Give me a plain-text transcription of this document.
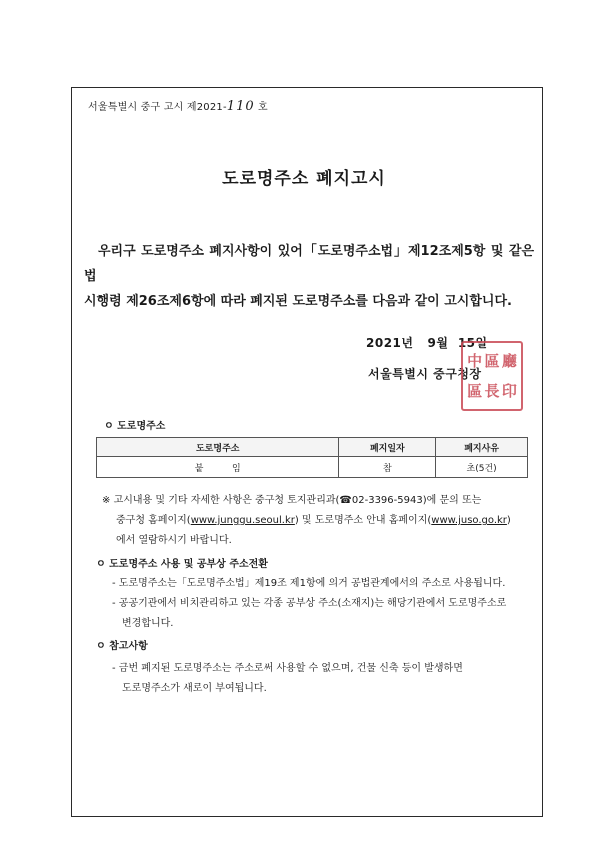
서울특별시 중구 고시 제2021-110 호
도로명주소 폐지고시
우리구 도로명주소 폐지사항이 있어「도로명주소법」제12조제5항 및 같은 법
시행령 제26조제6항에 따라 폐지된 도로명주소를 다음과 같이 고시합니다.
2021년   9월  15일
서울특별시 중구청장
中 區 廳
區 長 印
ㅇ 도로명주소
도로명주소	폐지일자	폐지사유
붙          임	참	초(5건)
※ 고시내용 및 기타 자세한 사항은 중구청 토지관리과(☎02-3396-5943)에 문의 또는
중구청 홈페이지(www.junggu.seoul.kr) 및 도로명주소 안내 홈페이지(www.juso.go.kr)
에서 열람하시기 바랍니다.
ㅇ 도로명주소 사용 및 공부상 주소전환
- 도로명주소는「도로명주소법」제19조 제1항에 의거 공법관계에서의 주소로 사용됩니다.
- 공공기관에서 비치관리하고 있는 각종 공부상 주소(소재지)는 해당기관에서 도로명주소로
변경합니다.
ㅇ 참고사항
- 금번 폐지된 도로명주소는 주소로써 사용할 수 없으며, 건물 신축 등이 발생하면
도로명주소가 새로이 부여됩니다.
